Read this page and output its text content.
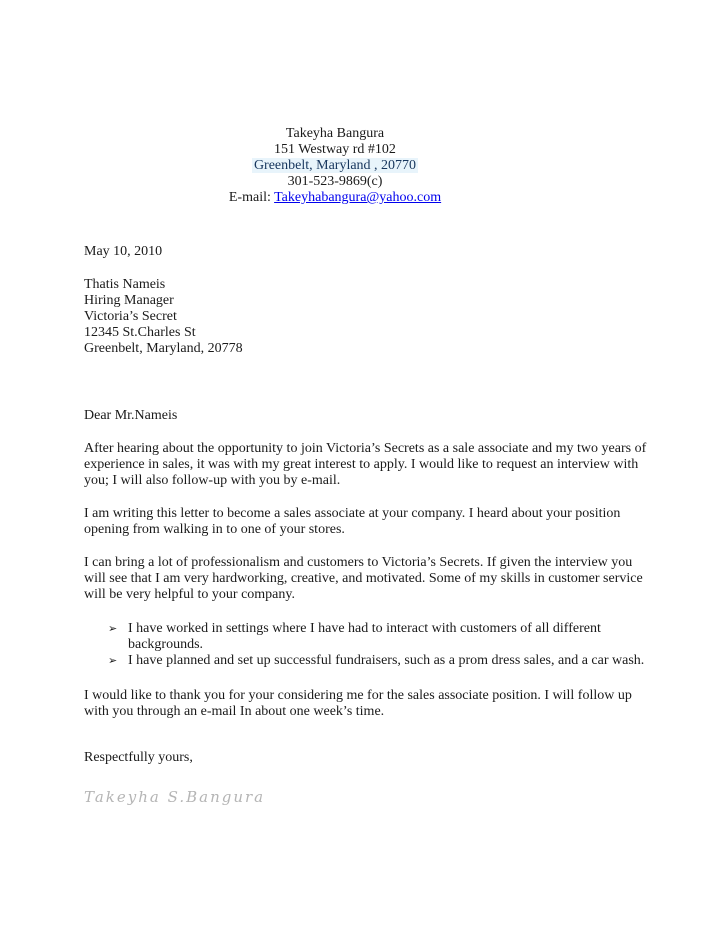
Takeyha Bangura
151 Westway rd #102
Greenbelt, Maryland , 20770
301-523-9869(c)
E-mail: Takeyhabangura@yahoo.com
May 10, 2010
Thatis Nameis
Hiring Manager
Victoria’s Secret
12345 St.Charles St
Greenbelt, Maryland, 20778
Dear Mr.Nameis

After hearing about the opportunity to join Victoria’s Secrets as a sale associate and my two years of experience in sales, it was with my great interest to apply. I would like to request an interview with you; I will also follow-up with you by e-mail.

I am writing this letter to become a sales associate at your company. I heard about your position opening from walking in to one of your stores.

I can bring a lot of professionalism and customers to Victoria’s Secrets. If given the interview you will see that I am very hardworking, creative, and motivated. Some of my skills in customer service will be very helpful to your company.

➢ I have worked in settings where I have had to interact with customers of all different backgrounds.
➢ I have planned and set up successful fundraisers, such as a prom dress sales, and a car wash.

I would like to thank you for your considering me for the sales associate position. I will follow up with you through an e-mail In about one week’s time.

Respectfully yours,
Takeyha S.Bangura
